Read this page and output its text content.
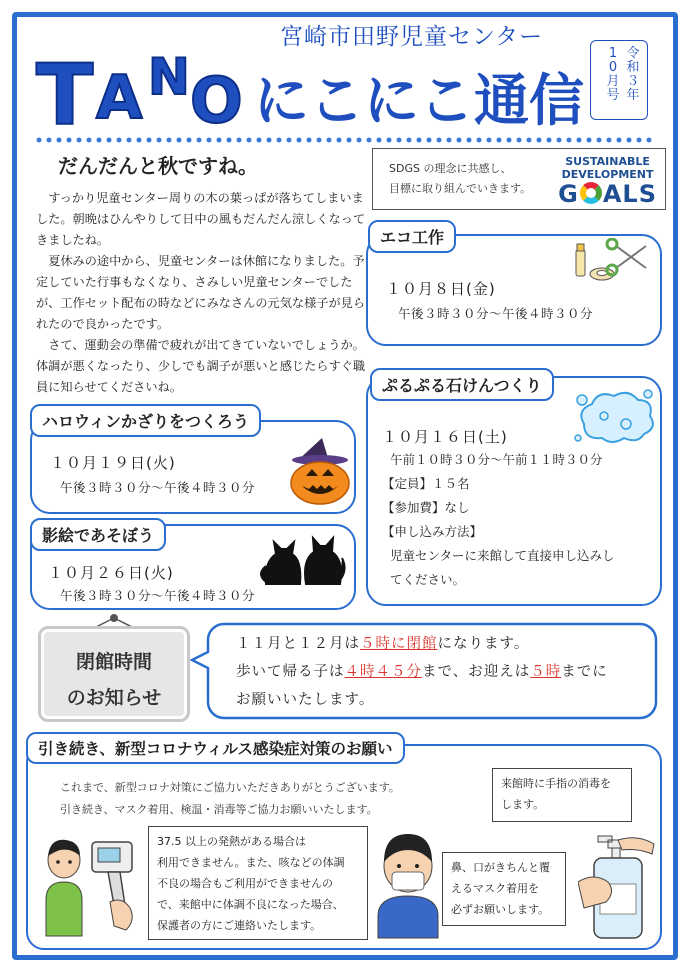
宮崎市田野児童センター
T A N O にこにこ通信
令和３年
10月号
だんだんと秋ですね。

すっかり児童センター周りの木の葉っぱが落ちてしまいました。朝晩はひんやりして日中の風もだんだん涼しくなってきましたね。

夏休みの途中から、児童センターは休館になりました。予定していた行事もなくなり、さみしい児童センターでしたが、工作セット配布の時などにみなさんの元気な様子が見られたので良かったです。

さて、運動会の準備で疲れが出てきていないでしょうか。体調が悪くなったり、少しでも調子が悪いと感じたらすぐ職員に知らせてくださいね。

SDGS の理念に共感し、
目標に取り組んでいきます。
SUSTAINABLE
DEVELOPMENT
G ALS
１０月８日(金)
午後３時３０分～午後４時３０分
エコ工作
１０月１６日(土)
午前１０時３０分～午前１１時３０分
【定員】１５名
【参加費】なし
【申し込み方法】
児童センターに来館して直接申し込みし
てください。
ぷるぷる石けんつくり
１０月１９日(火)
午後３時３０分～午後４時３０分
ハロウィンかざりをつくろう
１０月２６日(火)
午後３時３０分～午後４時３０分
影絵であそぼう
閉館時間
のお知らせ
１１月と１２月は５時に閉館になります。
歩いて帰る子は４時４５分まで、お迎えは５時までに
お願いいたします。
引き続き、新型コロナウィルス感染症対策のお願い
これまで、新型コロナ対策にご協力いただきありがとうございます。
引き続き、マスク着用、検温・消毒等ご協力お願いいたします。
来館時に手指の消毒を
します。
37.5 以上の発熱がある場合は
利用できません。また、咳などの体調
不良の場合もご利用ができませんの
で、来館中に体調不良になった場合、
保護者の方にご連絡いたします。
鼻、口がきちんと覆
えるマスク着用を
必ずお願いします。
